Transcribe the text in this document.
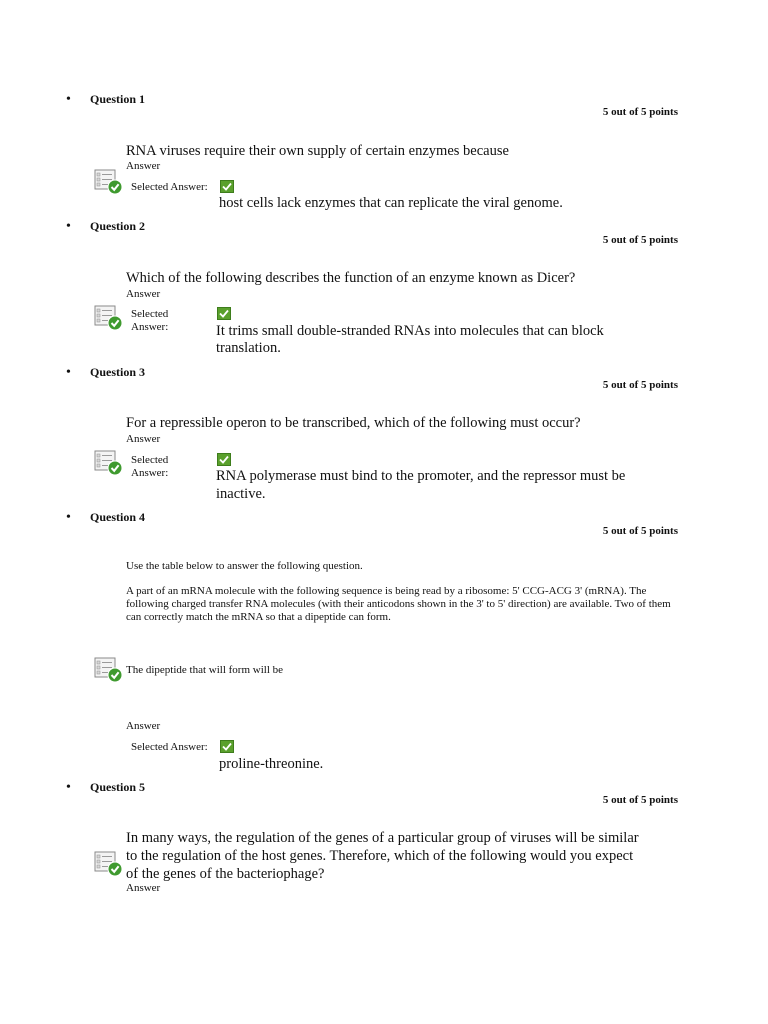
• Question 1
5 out of 5 points
RNA viruses require their own supply of certain enzymes because
Answer
Selected Answer:
host cells lack enzymes that can replicate the viral genome.
• Question 2
5 out of 5 points
Which of the following describes the function of an enzyme known as Dicer?
Answer
Selected
Answer:	It trims small double-stranded RNAs into molecules that can block
translation.
• Question 3
5 out of 5 points
For a repressible operon to be transcribed, which of the following must occur?
Answer
Selected
Answer:	RNA polymerase must bind to the promoter, and the repressor must be
inactive.
• Question 4
5 out of 5 points
Use the table below to answer the following question.
A part of an mRNA molecule with the following sequence is being read by a ribosome: 5' CCG-ACG 3' (mRNA). The following charged transfer RNA molecules (with their anticodons shown in the 3' to 5' direction) are available. Two of them can correctly match the mRNA so that a dipeptide can form.
The dipeptide that will form will be
Answer
Selected Answer:
proline-threonine.
• Question 5
5 out of 5 points
In many ways, the regulation of the genes of a particular group of viruses will be similar
to the regulation of the host genes. Therefore, which of the following would you expect
of the genes of the bacteriophage?
Answer
